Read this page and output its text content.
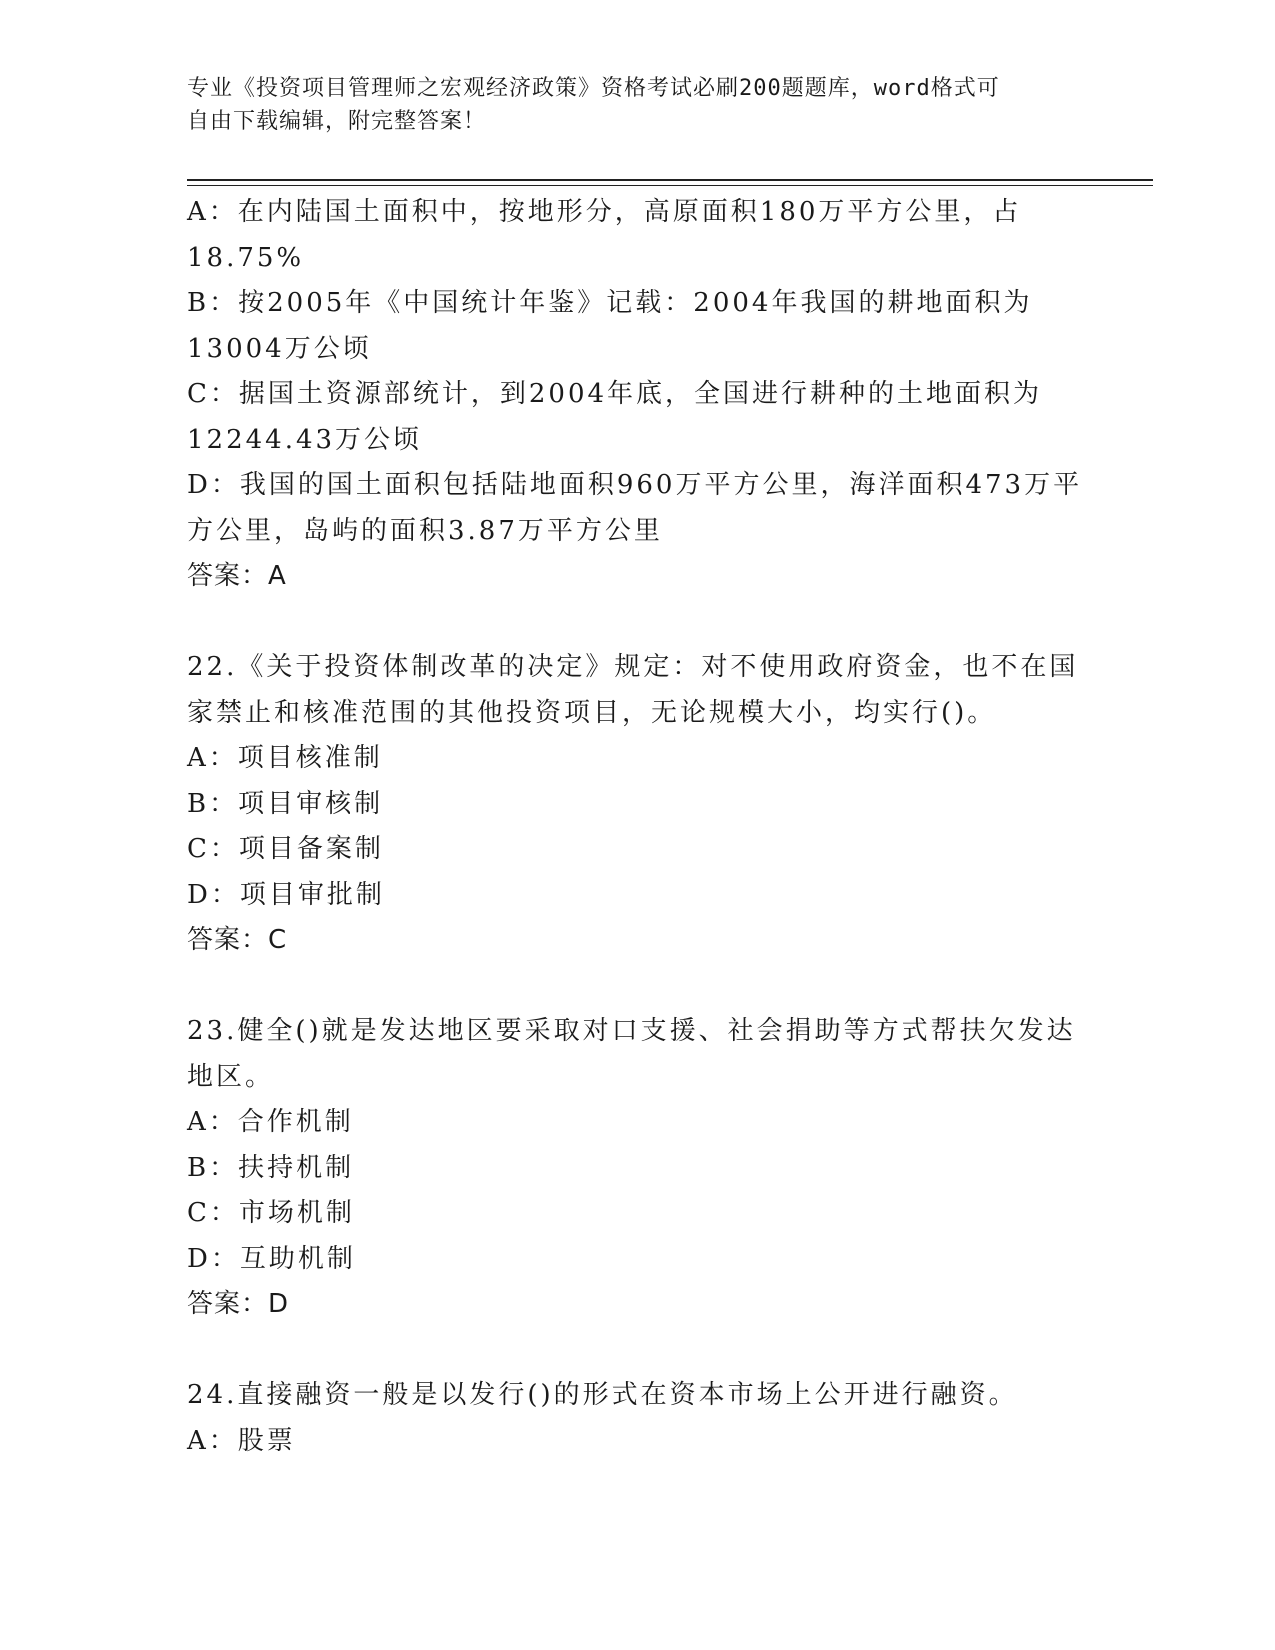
专业《投资项目管理师之宏观经济政策》资格考试必刷200题题库，word格式可
自由下载编辑，附完整答案！
A：在内陆国土面积中，按地形分，高原面积180万平方公里，占
18.75%
B：按2005年《中国统计年鉴》记载：2004年我国的耕地面积为
13004万公顷
C：据国土资源部统计，到2004年底，全国进行耕种的土地面积为
12244.43万公顷
D：我国的国土面积包括陆地面积960万平方公里，海洋面积473万平
方公里，岛屿的面积3.87万平方公里
答案：A
22.《关于投资体制改革的决定》规定：对不使用政府资金，也不在国
家禁止和核准范围的其他投资项目，无论规模大小，均实行()。
A：项目核准制
B：项目审核制
C：项目备案制
D：项目审批制
答案：C
23.健全()就是发达地区要采取对口支援、社会捐助等方式帮扶欠发达
地区。
A：合作机制
B：扶持机制
C：市场机制
D：互助机制
答案：D
24.直接融资一般是以发行()的形式在资本市场上公开进行融资。
A：股票
